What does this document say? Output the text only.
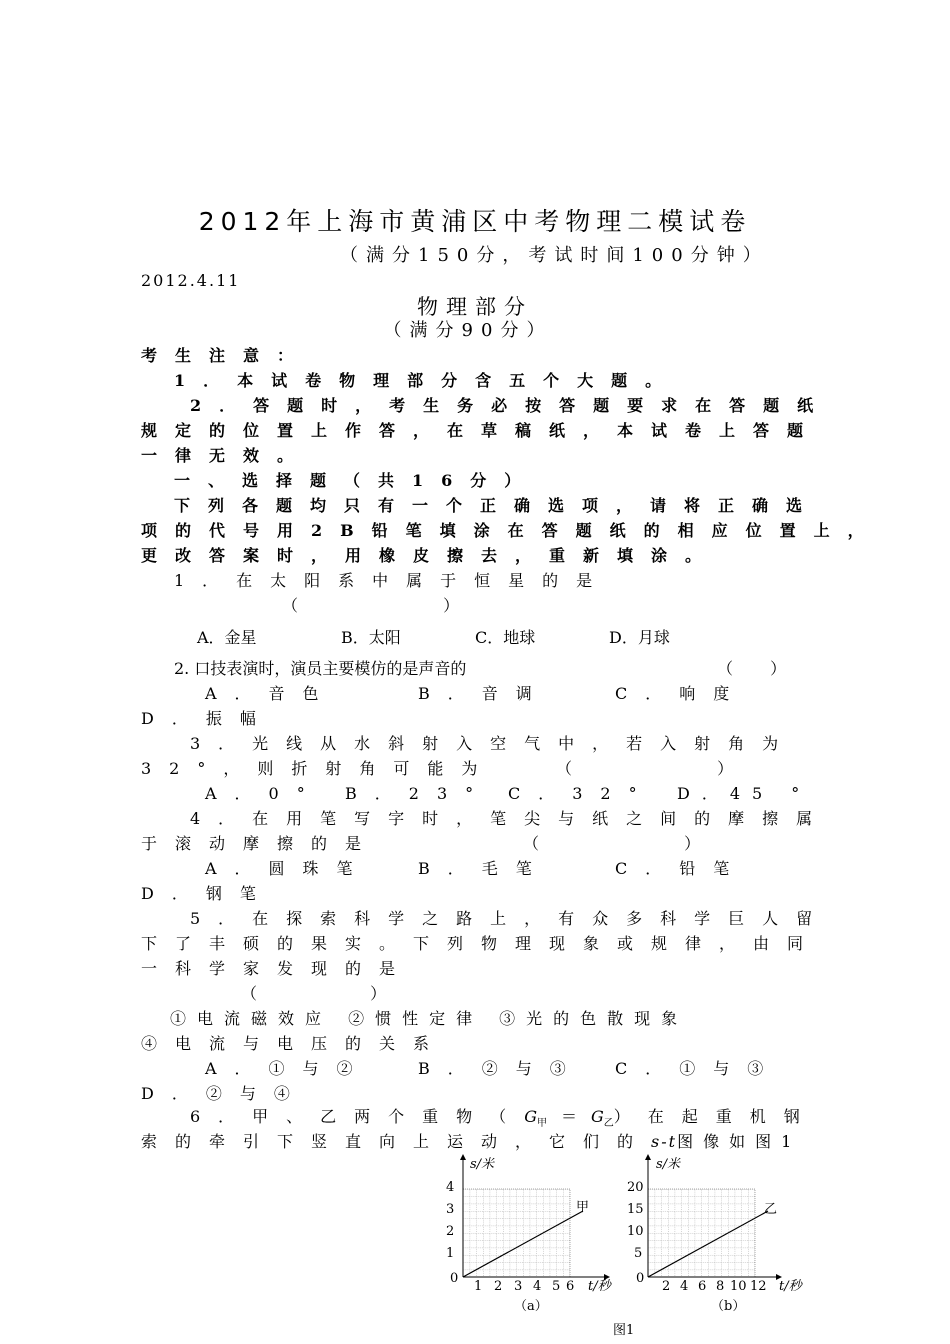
2012年上海市黄浦区中考物理二模试卷
（满分150分，考试时间100分钟）
2012.4.11
物理部分
（满分90分）
考生注意：
1．本试卷物理部分含五个大题。
2．答题时，考生务必按答题要求在答题纸
规定的位置上作答，在草稿纸，本试卷上答题
一律无效。
一、选择题（共16分）
下列各题均只有一个正确选项，请将正确选
项的代号用2B铅笔填涂在答题纸的相应位置上，
更改答案时，用橡皮擦去，重新填涂。
1．在太阳系中属于恒星的是
（ ）
A．金星	B．太阳	C．地球	D．月球
2. 口技表演时，演员主要模仿的是声音的	（ ）
A．音色	B．音调	C．响度
D．振幅
3．光线从水斜射入空气中，若入射角为
32°，则折射角可能为	（ ）
A．0° B．23° C．32° D．45 °
4．在用笔写字时，笔尖与纸之间的摩擦属
于滚动摩擦的是	（ ）
A．圆珠笔	B．毛笔	C．铅笔
D．钢笔
5．在探索科学之路上，有众多科学巨人留
下了丰硕的果实。下列物理现象或规律，由同
一科学家发现的是
（ ）
①电流磁效应 ②惯性定律 ③光的色散现象
④电流与电压的关系
A．①与②	B．②与③ C．①与③
D．②与④
6．甲、乙两个重物$(G_甲 = G_乙)$在起重机钢
索的牵引下竖直向上运动，它们的s-t图像如图1
s/米
t/秒
0
4
3
2
1
1 2 3 4 5 6
甲
（a）
s/米
t/秒
0
20
15
10
5
2 4 6 8 10 12
乙
（b）
图1
